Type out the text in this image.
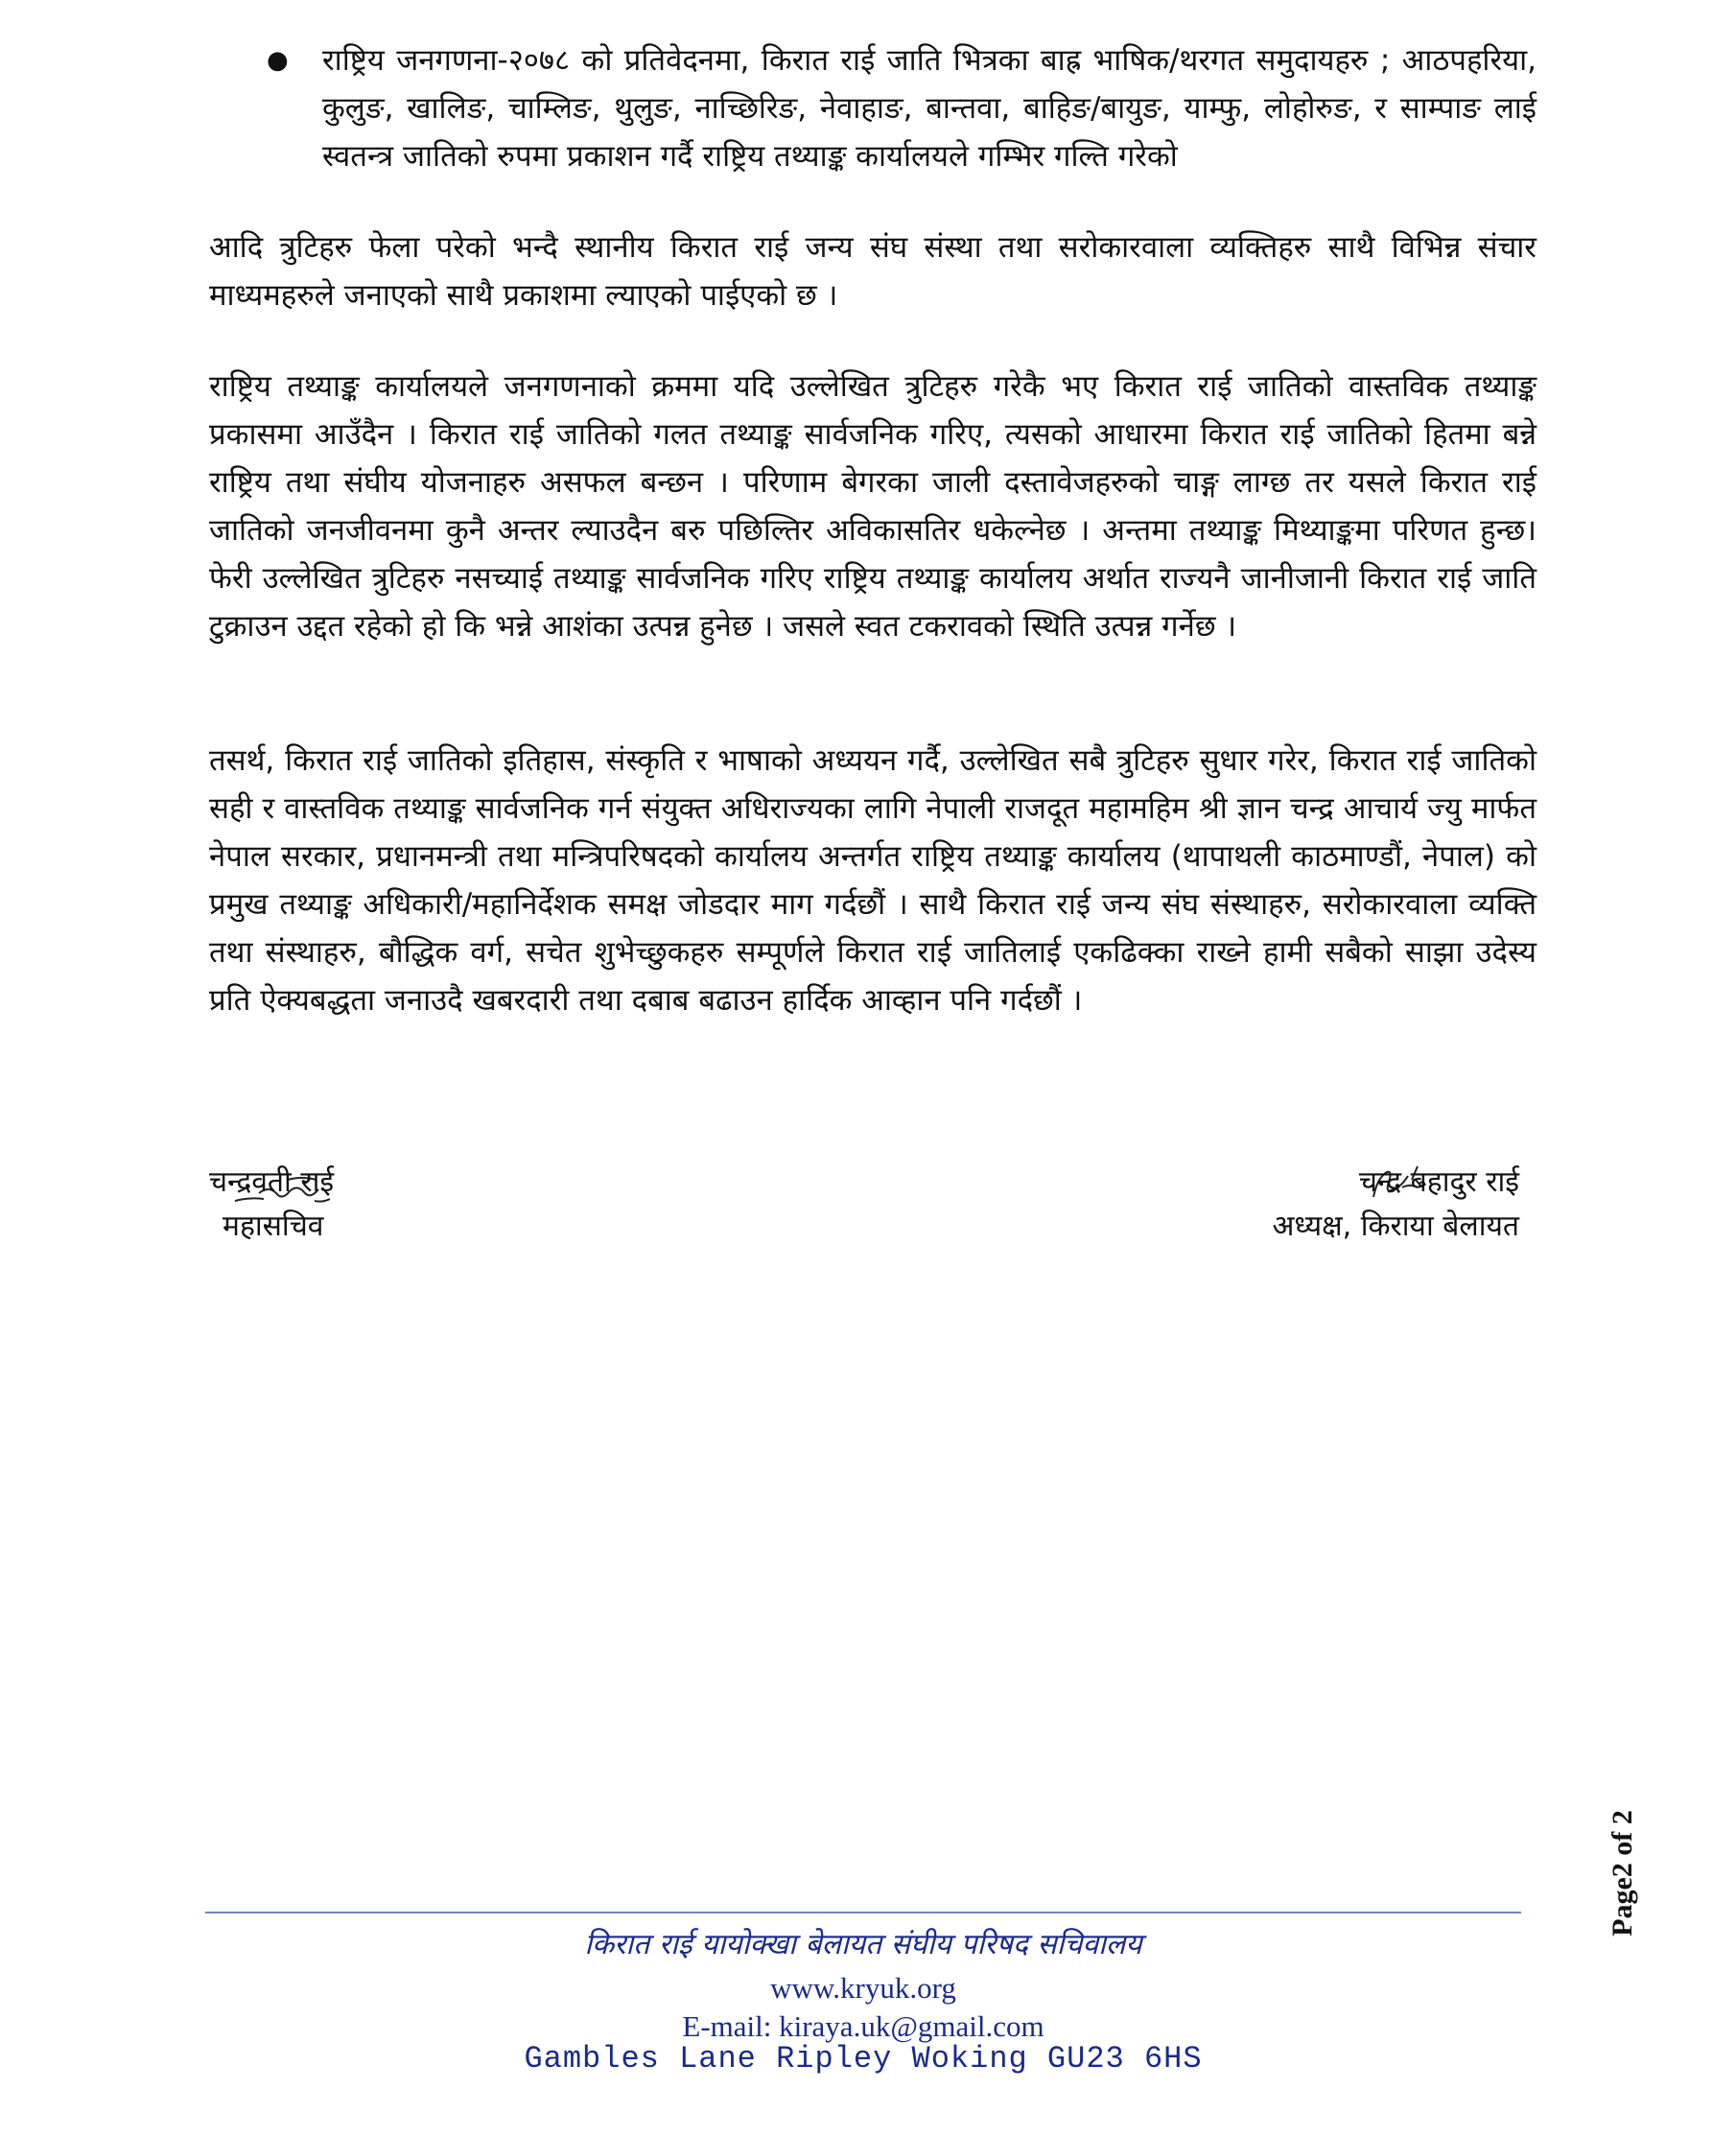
●	राष्ट्रिय जनगणना-२०७८ को प्रतिवेदनमा, किरात राई जाति भित्रका बाह्र भाषिक/थरगत समुदायहरु ; आठपहरिया, कुलुङ, खालिङ, चाम्लिङ, थुलुङ, नाच्छिरिङ, नेवाहाङ, बान्तवा, बाहिङ/बायुङ, याम्फु, लोहोरुङ, र साम्पाङ लाई स्वतन्त्र जातिको रुपमा प्रकाशन गर्दै राष्ट्रिय तथ्याङ्क कार्यालयले गम्भिर गल्ति गरेको
आदि त्रुटिहरु फेला परेको भन्दै स्थानीय किरात राई जन्य संघ संस्था तथा सरोकारवाला व्यक्तिहरु साथै विभिन्न संचार माध्यमहरुले जनाएको साथै प्रकाशमा ल्याएको पाईएको छ ।
राष्ट्रिय तथ्याङ्क कार्यालयले जनगणनाको क्रममा यदि उल्लेखित त्रुटिहरु गरेकै भए किरात राई जातिको वास्तविक तथ्याङ्क प्रकासमा आउँदैन । किरात राई जातिको गलत तथ्याङ्क सार्वजनिक गरिए, त्यसको आधारमा किरात राई जातिको हितमा बन्ने राष्ट्रिय तथा संघीय योजनाहरु असफल बन्छन । परिणाम बेगरका जाली दस्तावेजहरुको चाङ्ग लाग्छ तर यसले किरात राई जातिको जनजीवनमा कुनै अन्तर ल्याउदैन बरु पछिल्तिर अविकासतिर धकेल्नेछ । अन्तमा तथ्याङ्क मिथ्याङ्कमा परिणत हुन्छ। फेरी उल्लेखित त्रुटिहरु नसच्याई तथ्याङ्क सार्वजनिक गरिए राष्ट्रिय तथ्याङ्क कार्यालय अर्थात राज्यनै जानीजानी किरात राई जाति टुक्राउन उद्दत रहेको हो कि भन्ने आशंका उत्पन्न हुनेछ । जसले स्वत टकरावको स्थिति उत्पन्न गर्नेछ ।
तसर्थ, किरात राई जातिको इतिहास, संस्कृति र भाषाको अध्ययन गर्दै, उल्लेखित सबै त्रुटिहरु सुधार गरेर, किरात राई जातिको सही र वास्तविक तथ्याङ्क सार्वजनिक गर्न संयुक्त अधिराज्यका लागि नेपाली राजदूत महामहिम श्री ज्ञान चन्द्र आचार्य ज्यु मार्फत नेपाल सरकार, प्रधानमन्त्री तथा मन्त्रिपरिषदको कार्यालय अन्तर्गत राष्ट्रिय तथ्याङ्क कार्यालय (थापाथली काठमाण्डौं, नेपाल) को प्रमुख तथ्याङ्क अधिकारी/महानिर्देशक समक्ष जोडदार माग गर्दछौं । साथै किरात राई जन्य संघ संस्थाहरु, सरोकारवाला व्यक्ति तथा संस्थाहरु, बौद्धिक वर्ग, सचेत शुभेच्छुकहरु सम्पूर्णले किरात राई जातिलाई एकढिक्का राख्ने हामी सबैको साझा उदेस्य प्रति ऐक्यबद्धता जनाउदै खबरदारी तथा दबाब बढाउन हार्दिक आव्हान पनि गर्दछौं ।
चन्द्रवती राई
महासचिव
चन्द्र बहादुर राई
अध्यक्ष, किराया बेलायत
Page2 of 2
किरात राई यायोक्खा बेलायत संघीय परिषद सचिवालय
www.kryuk.org
E-mail: kiraya.uk@gmail.com
Gambles Lane Ripley Woking GU23 6HS
